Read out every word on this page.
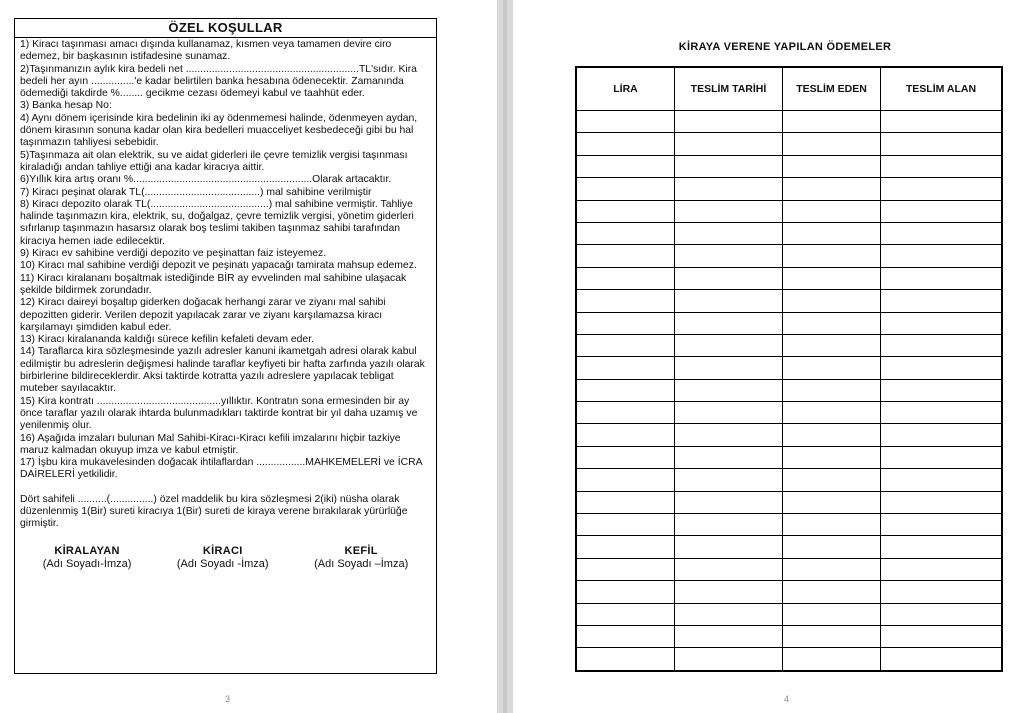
ÖZEL KOŞULLAR

1) Kiracı taşınması amacı dışında kullanamaz, kısmen veya tamamen devire ciro edemez, bir başkasının istifadesine sunamaz.

2)Taşınmanızın aylık kira bedeli net ............................................................TL'sıdır. Kira bedeli her ayın ...............'e kadar belirtilen banka hesabına ödenecektir. Zamanında ödemediği takdirde %........ gecikme cezası ödemeyi kabul ve taahhüt eder.

3) Banka hesap No:

4) Aynı dönem içerisinde kira bedelinin iki ay ödenmemesi halinde, ödenmeyen aydan, dönem kirasının sonuna kadar olan kira bedelleri muacceliyet kesbedeceği gibi bu hal taşınmazın tahliyesi sebebidir.

5)Taşınmaza ait olan elektrik, su ve aidat giderleri ile çevre temizlik vergisi taşınması kiraladığı andan tahliye ettiği ana kadar kiracıya aittir.

6)Yıllık kira artış oranı %..............................................................Olarak artacaktır.

7) Kiracı peşinat olarak TL(........................................) mal sahibine verilmiştir

8) Kiracı depozito olarak TL(.........................................) mal sahibine vermiştir. Tahliye halinde taşınmazın kira, elektrik, su, doğalgaz, çevre temizlik vergisi, yönetim giderleri sıfırlanıp taşınmazın hasarsız olarak boş teslimi takiben taşınmaz sahibi tarafından kiracıya hemen iade edilecektir.

9) Kiracı ev sahibine verdiği depozito ve peşinattan faiz isteyemez.

10) Kiracı mal sahibine verdiği depozit ve peşinatı yapacağı tamirata mahsup edemez.

11) Kiracı kiralananı boşaltmak istediğinde BİR ay evvelinden mal sahibine ulaşacak şekilde bildirmek zorundadır.

12) Kiracı daireyi boşaltıp giderken doğacak herhangi zarar ve ziyanı mal sahibi depozitten giderir. Verilen depozit yapılacak zarar ve ziyanı karşılamazsa kiracı karşılamayı şimdiden kabul eder.

13) Kiracı kiralananda kaldığı sürece kefilin kefaleti devam eder.

14) Taraflarca kira sözleşmesinde yazılı adresler kanuni ikametgah adresi olarak kabul edilmiştir bu adreslerin değişmesi halinde taraflar keyfiyeti bir hafta zarfında yazılı olarak birbirlerine bildireceklerdir. Aksi taktirde kotratta yazılı adreslere yapılacak tebligat muteber sayılacaktır.

15) Kira kontratı ...........................................yıllıktır. Kontratın sona ermesinden bir ay önce taraflar yazılı olarak ihtarda bulunmadıkları taktirde kontrat bir yıl daha uzamış ve yenilenmiş olur.

16) Aşağıda imzaları bulunan Mal Sahibi-Kiracı-Kiracı kefili imzalarını hiçbir tazkiye maruz kalmadan okuyup imza ve kabul etmiştir.

17) İşbu kira mukavelesinden doğacak ihtilaflardan .................MAHKEMELERİ ve İCRA DAİRELERİ yetkilidir.

Dört sahifeli ..........(...............) özel maddelik bu kira sözleşmesi 2(iki) nüsha olarak düzenlenmiş 1(Bir) sureti kiracıya 1(Bir) sureti de kiraya verene bırakılarak yürürlüğe girmiştir.

KİRALAYAN
(Adı Soyadı-İmza)
KİRACI
(Adı Soyadı -İmza)
KEFİL
(Adı Soyadı –İmza)
3
KİRAYA VERENE YAPILAN ÖDEMELER
LİRA	TESLİM TARİHİ	TESLİM EDEN	TESLİM ALAN

4
